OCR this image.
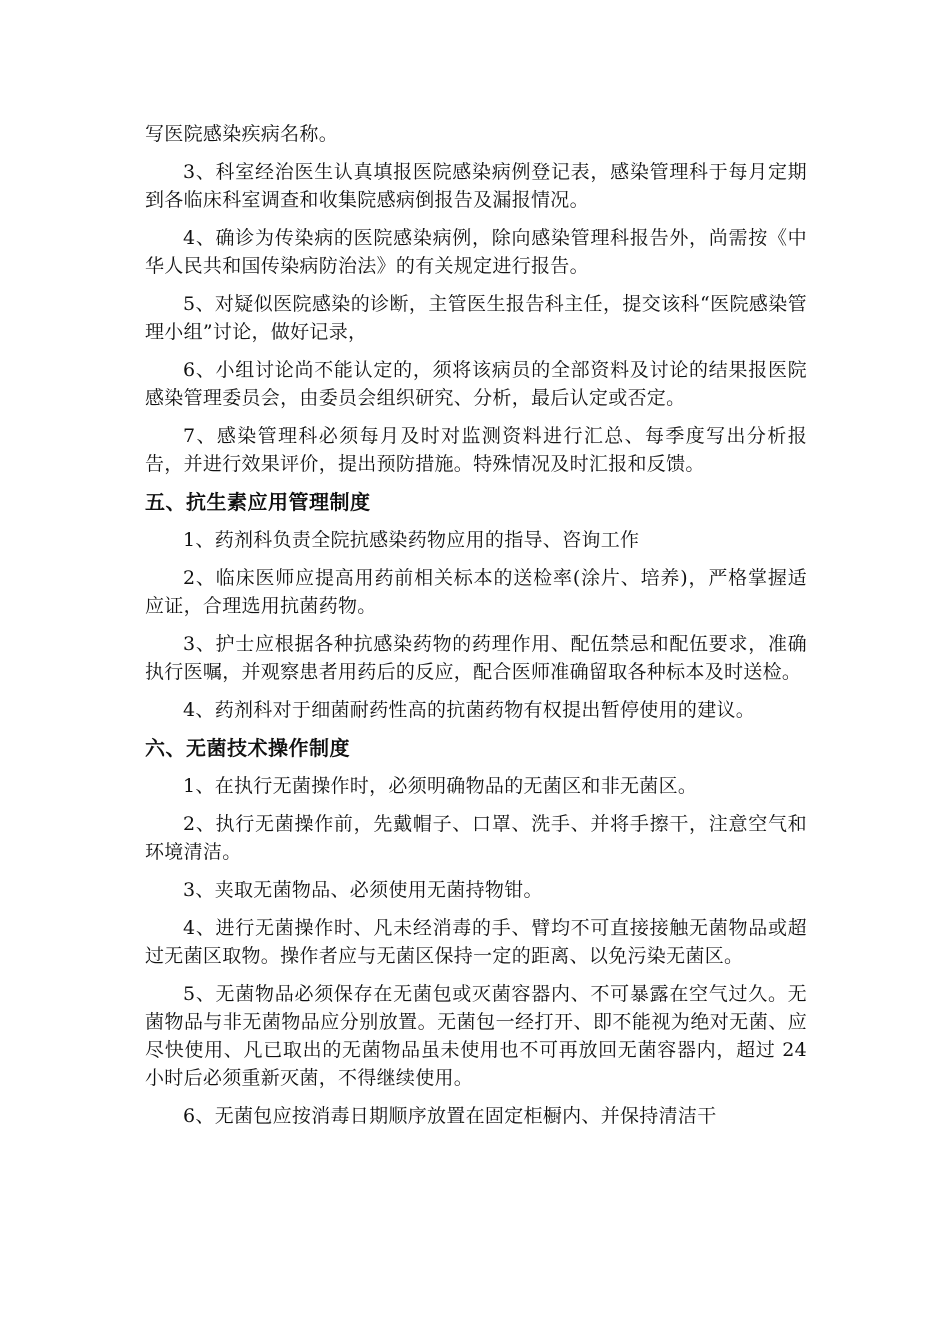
写医院感染疾病名称。

3、科室经治医生认真填报医院感染病例登记表，感染管理科于每月定期到各临床科室调查和收集院感病倒报告及漏报情况。

4、确诊为传染病的医院感染病例，除向感染管理科报告外，尚需按《中华人民共和国传染病防治法》的有关规定进行报告。

5、对疑似医院感染的诊断，主管医生报告科主任，提交该科“医院感染管理小组”讨论，做好记录，

6、小组讨论尚不能认定的，须将该病员的全部资料及讨论的结果报医院感染管理委员会，由委员会组织研究、分析，最后认定或否定。

7、感染管理科必须每月及时对监测资料进行汇总、每季度写出分析报告，并进行效果评价，提出预防措施。特殊情况及时汇报和反馈。

五、抗生素应用管理制度

1、药剂科负责全院抗感染药物应用的指导、咨询工作

2、临床医师应提高用药前相关标本的送检率(涂片、培养)，严格掌握适应证，合理选用抗菌药物。

3、护士应根据各种抗感染药物的药理作用、配伍禁忌和配伍要求，准确执行医嘱，并观察患者用药后的反应，配合医师准确留取各种标本及时送检。

4、药剂科对于细菌耐药性高的抗菌药物有权提出暂停使用的建议。

六、无菌技术操作制度

1、在执行无菌操作时，必须明确物品的无菌区和非无菌区。

2、执行无菌操作前，先戴帽子、口罩、洗手、并将手擦干，注意空气和环境清洁。

3、夹取无菌物品、必须使用无菌持物钳。

4、进行无菌操作时、凡未经消毒的手、臂均不可直接接触无菌物品或超过无菌区取物。操作者应与无菌区保持一定的距离、以免污染无菌区。

5、无菌物品必须保存在无菌包或灭菌容器内、不可暴露在空气过久。无菌物品与非无菌物品应分别放置。无菌包一经打开、即不能视为绝对无菌、应尽快使用、凡已取出的无菌物品虽未使用也不可再放回无菌容器内，超过 24 小时后必须重新灭菌，不得继续使用。

6、无菌包应按消毒日期顺序放置在固定柜橱内、并保持清洁干
